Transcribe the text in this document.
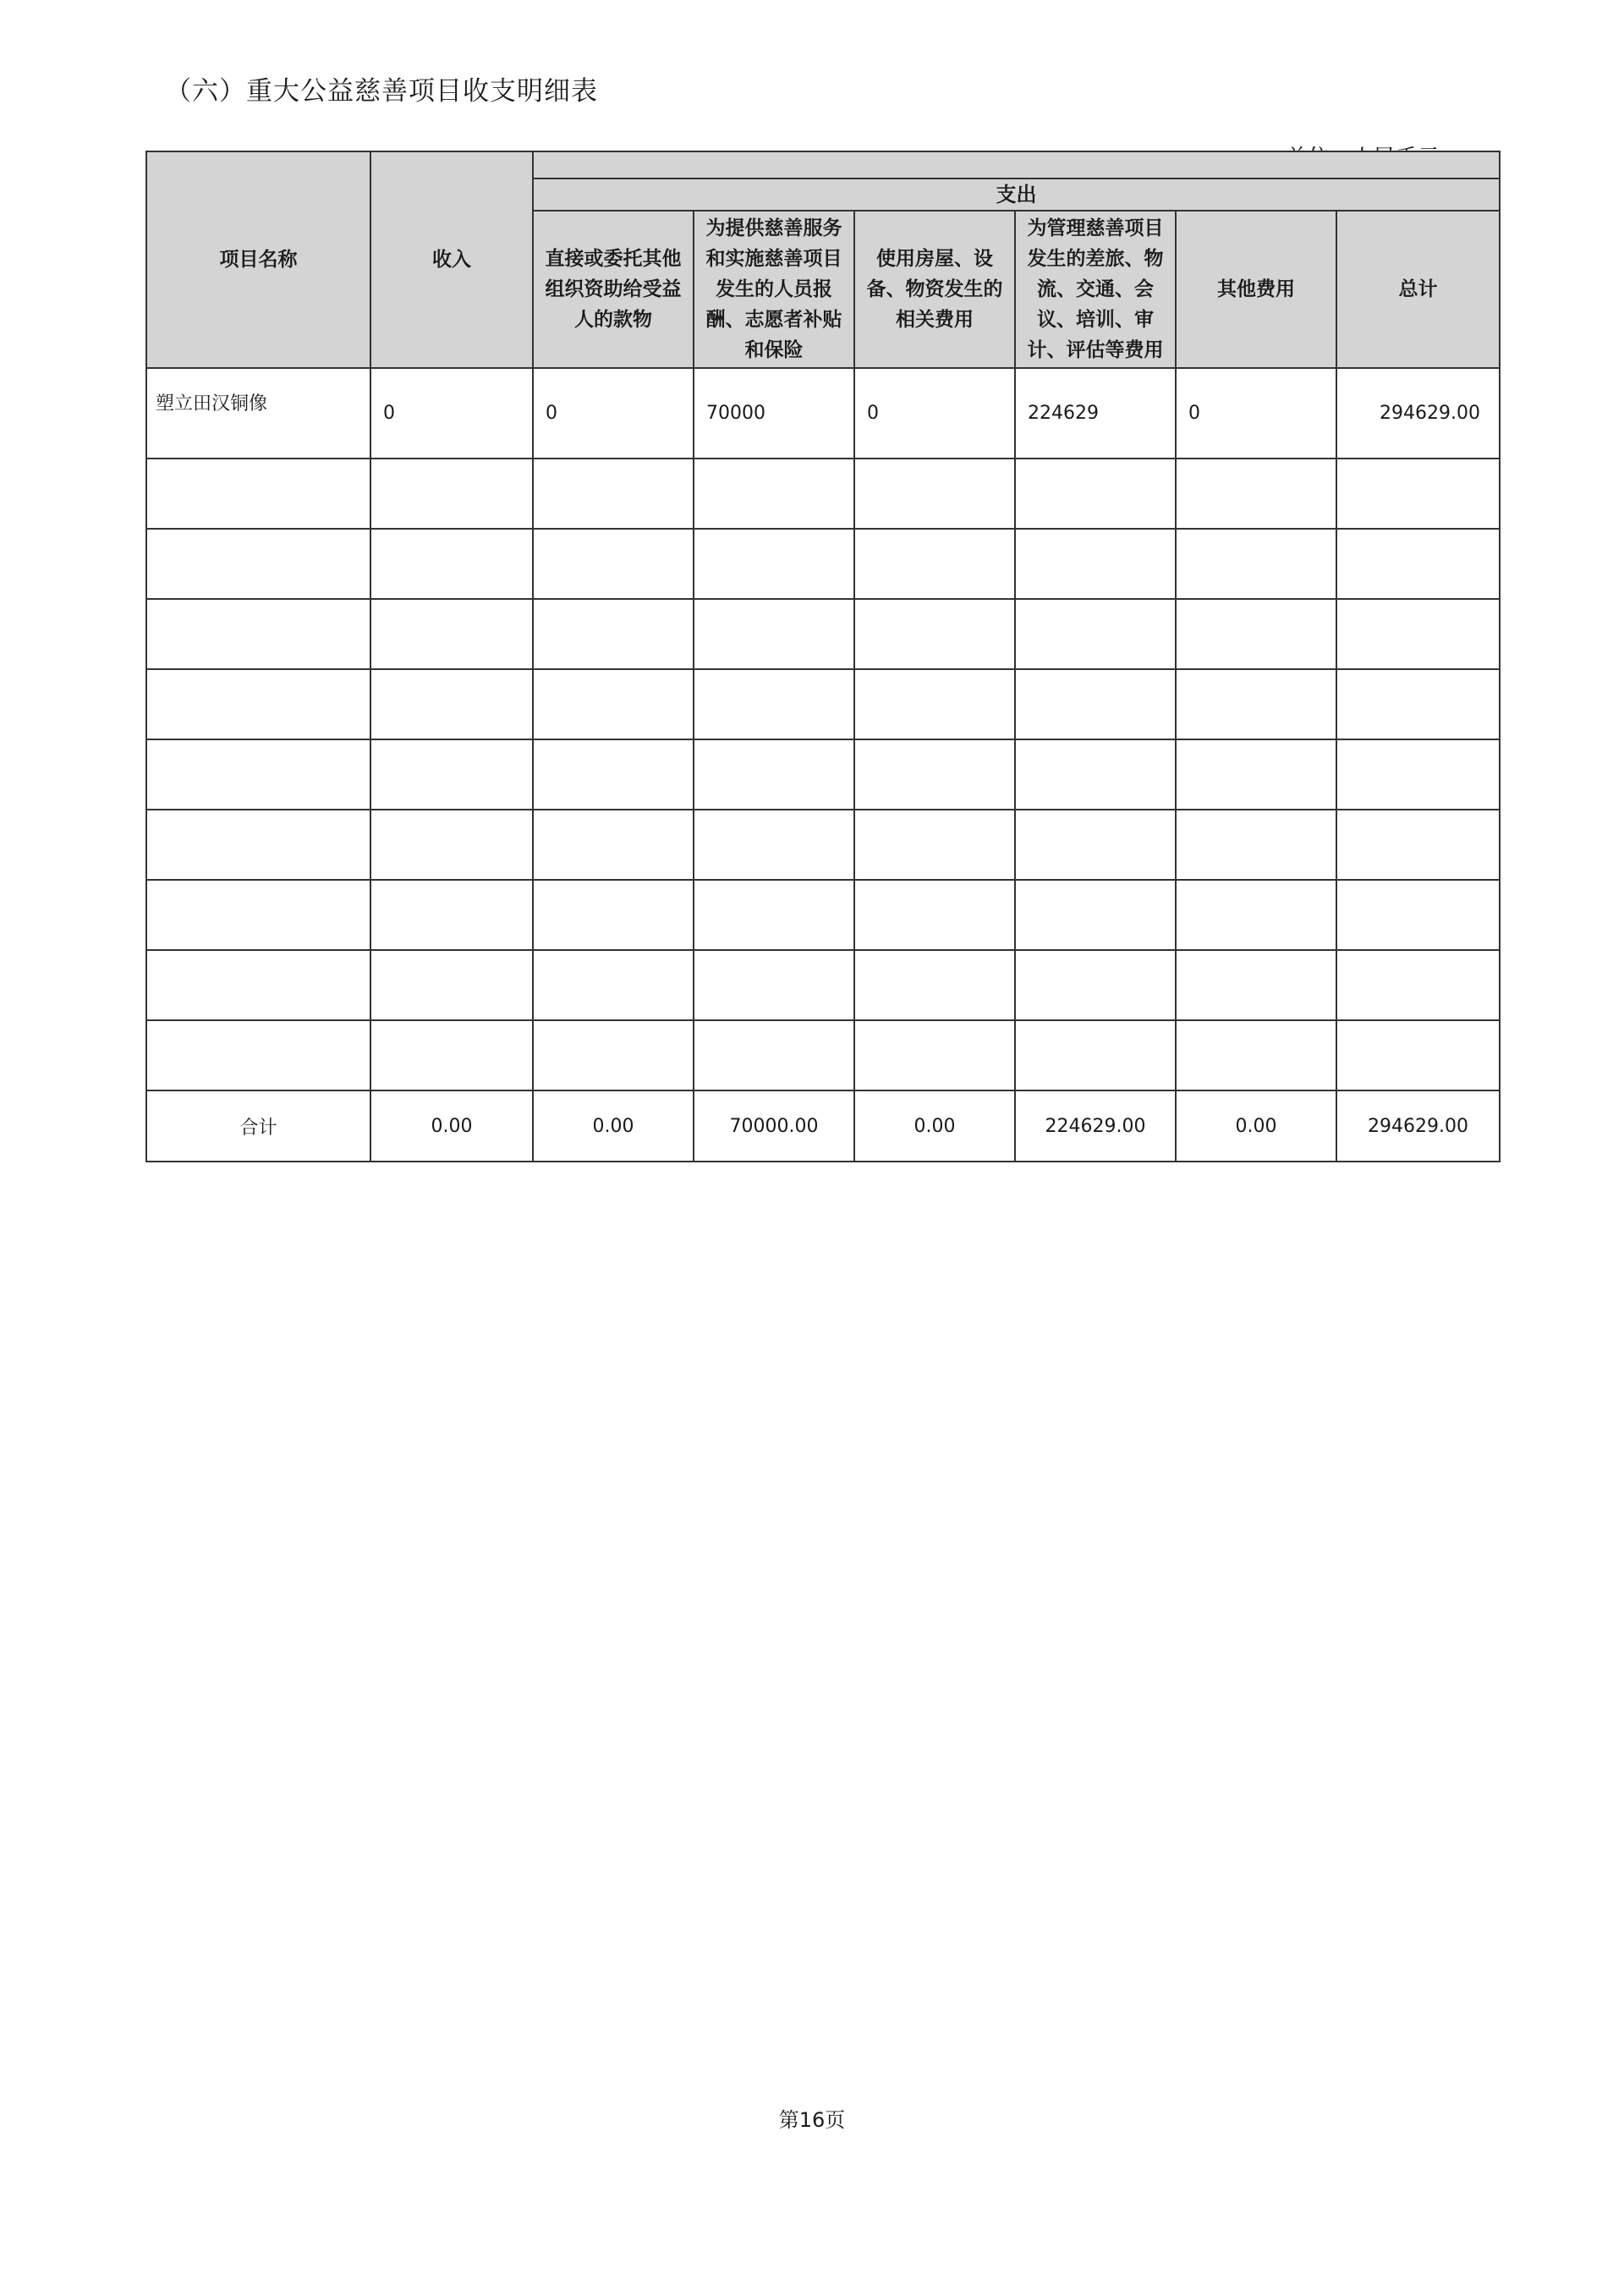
（六）重大公益慈善项目收支明细表
项目名称	收入						
		支出					
		直接或委托其他组织资助给受益人的款物	为提供慈善服务和实施慈善项目发生的人员报酬、志愿者补贴和保险	使用房屋、设备、物资发生的相关费用	为管理慈善项目发生的差旅、物流、交通、会议、培训、审计、评估等费用	其他费用	总计
塑立田汉铜像	0	0	70000	0	224629	0	294629.00

合计	0.00	0.00	70000.00	0.00	224629.00	0.00	294629.00
第16页
